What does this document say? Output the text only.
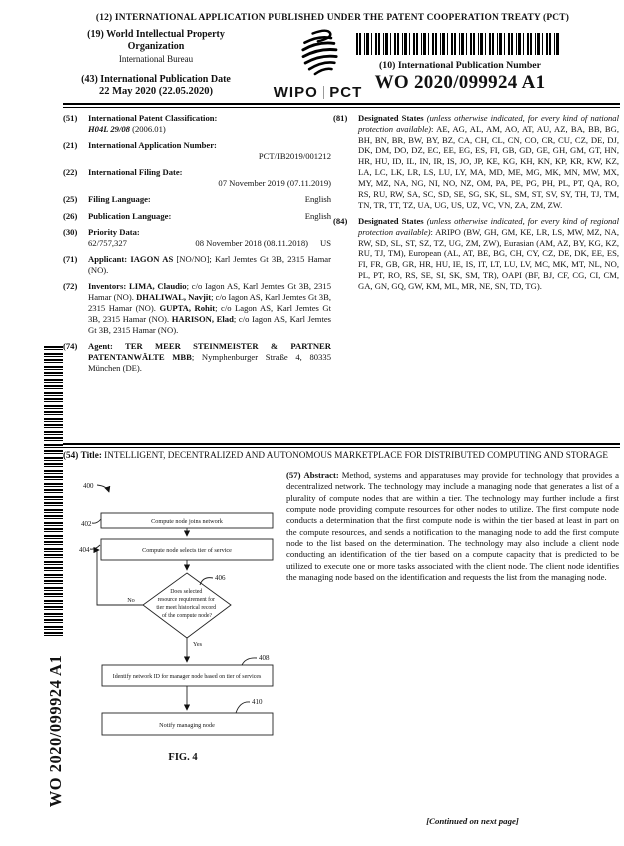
(12) INTERNATIONAL APPLICATION PUBLISHED UNDER THE PATENT COOPERATION TREATY (PCT)
(19) World Intellectual Property
Organization
International Bureau
(43) International Publication Date
22 May 2020 (22.05.2020)	WIPO PCT
(10) International Publication Number
WO 2020/099924 A1
(51) International Patent Classification:
H04L 29/08 (2006.01)
(21) International Application Number:
PCT/IB2019/001212
(22) International Filing Date:
07 November 2019 (07.11.2019)
(25) Filing Language:	English
(26) Publication Language:	English
(30) Priority Data:
62/757,327	08 November 2018 (08.11.2018) US
(71) Applicant: IAGON AS [NO/NO]; Karl Jemtes Gt 3B, 2315 Hamar (NO).
(72) Inventors: LIMA, Claudio; c/o Iagon AS, Karl Jemtes Gt 3B, 2315 Hamar (NO). DHALIWAL, Navjit; c/o Iagon AS, Karl Jemtes Gt 3B, 2315 Hamar (NO). GUPTA, Rohit; c/o Lagon AS, Karl Jemtes Gt 3B, 2315 Hamar (NO). HARISON, Elad; c/o Iagon AS, Karl Jemtes Gt 3B, 2315 Hamar (NO).
(74) Agent: TER MEER STEINMEISTER & PARTNER PATENTANWÄLTE MBB; Nymphenburger Straße 4, 80335 München (DE).
(81) Designated States (unless otherwise indicated, for every kind of national protection available): AE, AG, AL, AM, AO, AT, AU, AZ, BA, BB, BG, BH, BN, BR, BW, BY, BZ, CA, CH, CL, CN, CO, CR, CU, CZ, DE, DJ, DK, DM, DO, DZ, EC, EE, EG, ES, FI, GB, GD, GE, GH, GM, GT, HN, HR, HU, ID, IL, IN, IR, IS, JO, JP, KE, KG, KH, KN, KP, KR, KW, KZ, LA, LC, LK, LR, LS, LU, LY, MA, MD, ME, MG, MK, MN, MW, MX, MY, MZ, NA, NG, NI, NO, NZ, OM, PA, PE, PG, PH, PL, PT, QA, RO, RS, RU, RW, SA, SC, SD, SE, SG, SK, SL, SM, ST, SV, SY, TH, TJ, TM, TN, TR, TT, TZ, UA, UG, US, UZ, VC, VN, ZA, ZM, ZW.
(84) Designated States (unless otherwise indicated, for every kind of regional protection available): ARIPO (BW, GH, GM, KE, LR, LS, MW, MZ, NA, RW, SD, SL, ST, SZ, TZ, UG, ZM, ZW), Eurasian (AM, AZ, BY, KG, KZ, RU, TJ, TM), European (AL, AT, BE, BG, CH, CY, CZ, DE, DK, EE, ES, FI, FR, GB, GR, HR, HU, IE, IS, IT, LT, LU, LV, MC, MK, MT, NL, NO, PL, PT, RO, RS, SE, SI, SK, SM, TR), OAPI (BF, BJ, CF, CG, CI, CM, GA, GN, GQ, GW, KM, ML, MR, NE, SN, TD, TG).
(54) Title: INTELLIGENT, DECENTRALIZED AND AUTONOMOUS MARKETPLACE FOR DISTRIBUTED COMPUTING AND STORAGE
(57) Abstract: Method, systems and apparatuses may provide for technology that provides a decentralized network. The technology may include a managing node that generates a list of a plurality of compute nodes that are within a tier. The technology may further include a first compute node providing compute resources for other nodes to utilize. The first compute node conducts a determination that the first compute node is within the tier based at least in part on the compute resources, and sends a notification to the managing node to add the first compute node to the list based on the determination. The technology may also include a client node conducting an identification of the tier based on a compute capacity that is predicted to be utilized to execute one or more tasks associated with the client node. The client node identifies the managing node based on the identification and requests the list from the managing node.
400
402	Compute node joins network
404	Compute node selects tier of service
406
Does selected resource requirement for tier meet historical record of the compute node?
No
Yes
408
Identify network ID for manager node based on tier of services
410
Notify managing node
FIG. 4
WO 2020/099924 A1
[Continued on next page]
